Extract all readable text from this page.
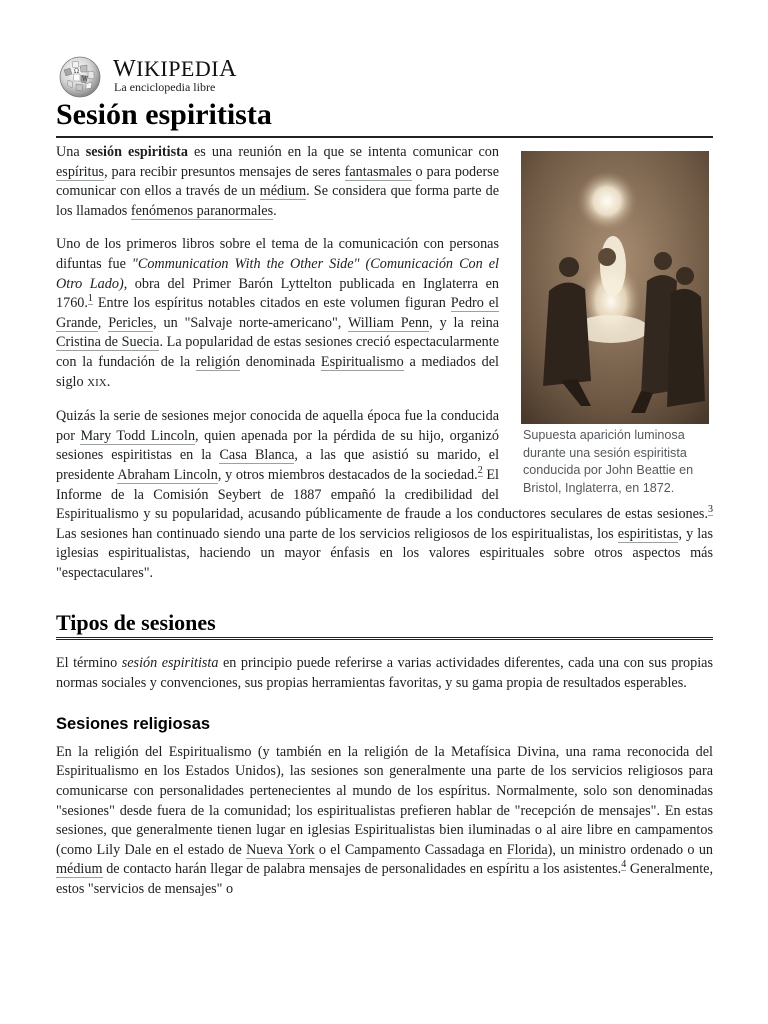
Ω
W WIKIPEDIA
La enciclopedia libre
Sesión espiritista
Supuesta aparición luminosa durante una sesión espiritista conducida por John Beattie en Bristol, Inglaterra, en 1872.

Una sesión espiritista es una reunión en la que se intenta comunicar con espíritus, para recibir presuntos mensajes de seres fantasmales o para poderse comunicar con ellos a través de un médium. Se considera que forma parte de los llamados fenómenos paranormales.

Uno de los primeros libros sobre el tema de la comunicación con personas difuntas fue "Communication With the Other Side" (Comunicación Con el Otro Lado), obra del Primer Barón Lyttelton publicada en Inglaterra en 1760.$^1$ Entre los espíritus notables citados en este volumen figuran Pedro el Grande, Pericles, un "Salvaje norte-americano", William Penn, y la reina Cristina de Suecia. La popularidad de estas sesiones creció espectacularmente con la fundación de la religión denominada Espiritualismo a mediados del siglo XIX.

Quizás la serie de sesiones mejor conocida de aquella época fue la conducida por Mary Todd Lincoln, quien apenada por la pérdida de su hijo, organizó sesiones espiritistas en la Casa Blanca, a las que asistió su marido, el presidente Abraham Lincoln, y otros miembros destacados de la sociedad.$^2$ El Informe de la Comisión Seybert de 1887 empañó la credibilidad del Espiritualismo y su popularidad, acusando públicamente de fraude a los conductores seculares de estas sesiones.$^3$ Las sesiones han continuado siendo una parte de los servicios religiosos de los espiritualistas, los espiritistas, y las iglesias espiritualistas, haciendo un mayor énfasis en los valores espirituales sobre otros aspectos más "espectaculares".

Tipos de sesiones

El término sesión espiritista en principio puede referirse a varias actividades diferentes, cada una con sus propias normas sociales y convenciones, sus propias herramientas favoritas, y su gama propia de resultados esperables.

Sesiones religiosas

En la religión del Espiritualismo (y también en la religión de la Metafísica Divina, una rama reconocida del Espiritualismo en los Estados Unidos), las sesiones son generalmente una parte de los servicios religiosos para comunicarse con personalidades pertenecientes al mundo de los espíritus. Normalmente, solo son denominadas "sesiones" desde fuera de la comunidad; los espiritualistas prefieren hablar de "recepción de mensajes". En estas sesiones, que generalmente tienen lugar en iglesias Espiritualistas bien iluminadas o al aire libre en campamentos (como Lily Dale en el estado de Nueva York o el Campamento Cassadaga en Florida), un ministro ordenado o un médium de contacto harán llegar de palabra mensajes de personalidades en espíritu a los asistentes.$^4$ Generalmente, estos "servicios de mensajes" o
